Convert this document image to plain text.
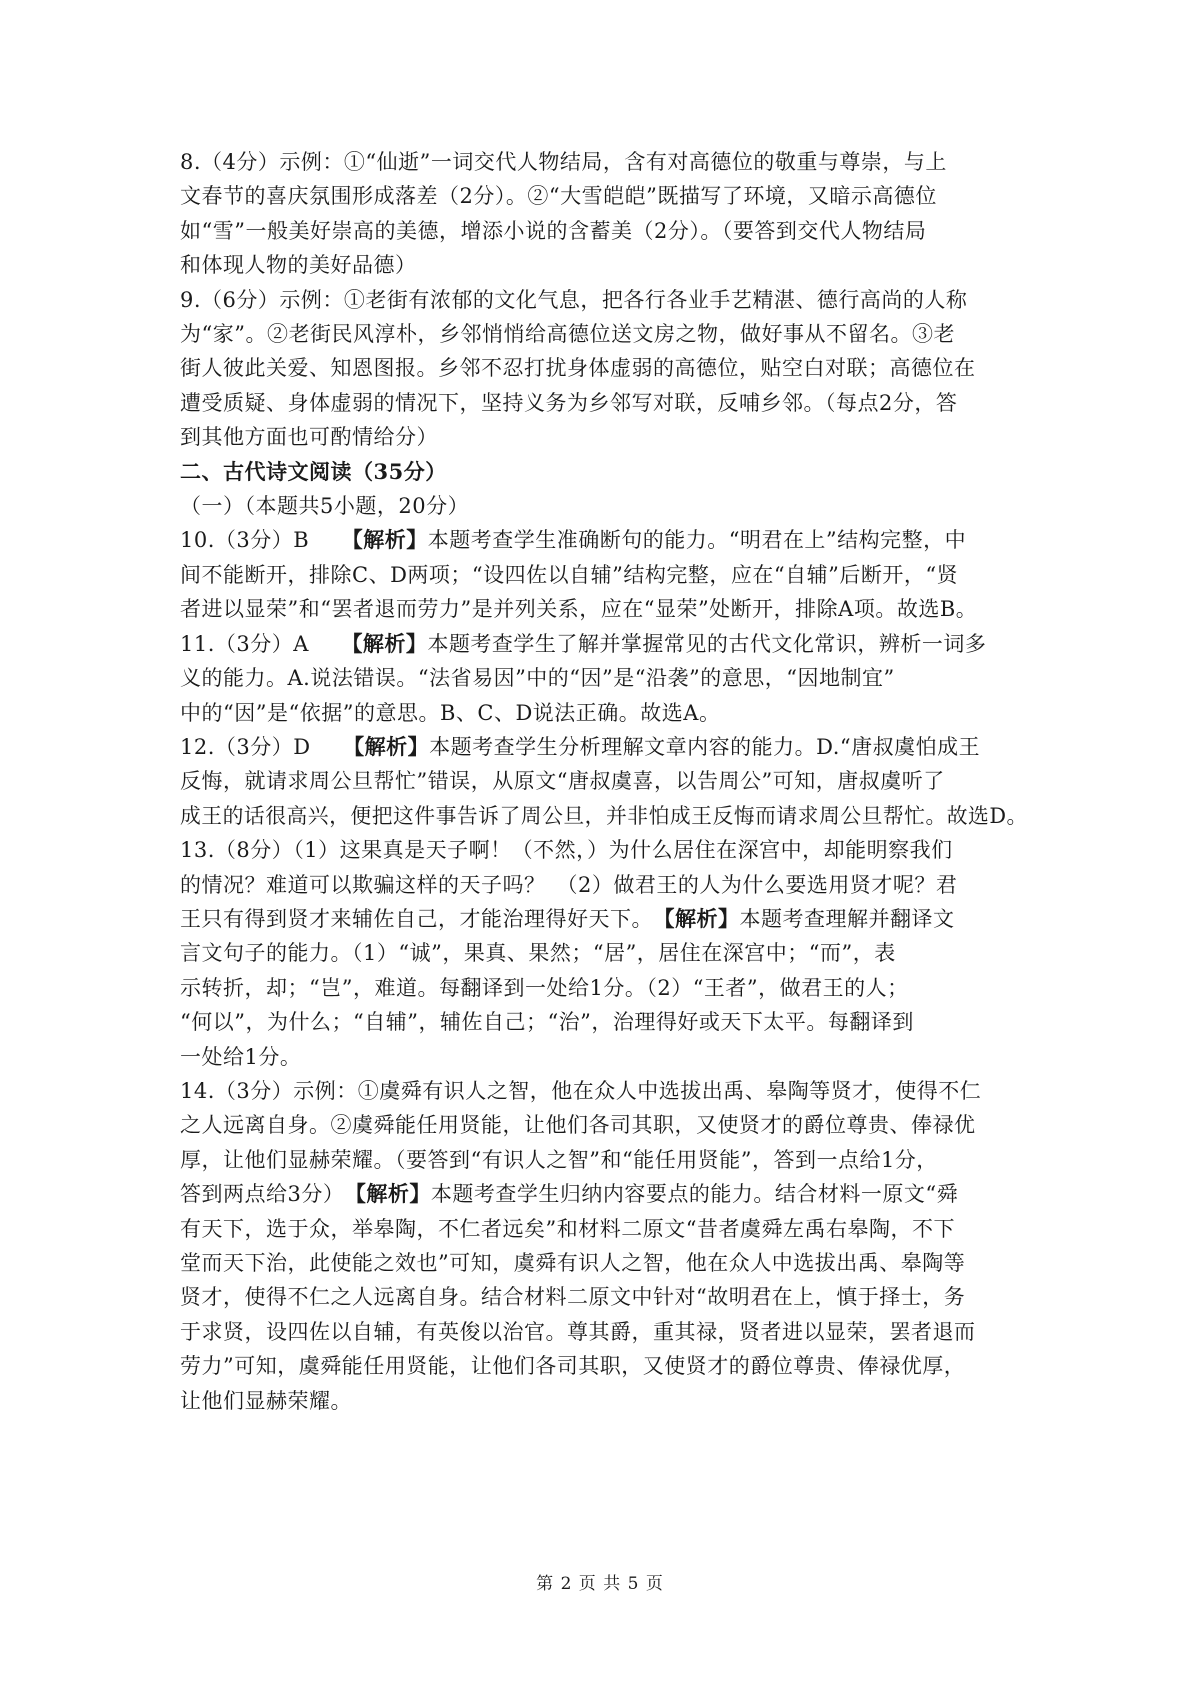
8.（4分）示例：①“仙逝”一词交代人物结局，含有对高德位的敬重与尊崇，与上

文春节的喜庆氛围形成落差（2分）。②“大雪皑皑”既描写了环境，又暗示高德位

如“雪”一般美好崇高的美德，增添小说的含蓄美（2分）。（要答到交代人物结局

和体现人物的美好品德）

9.（6分）示例：①老街有浓郁的文化气息，把各行各业手艺精湛、德行高尚的人称

为“家”。②老街民风淳朴，乡邻悄悄给高德位送文房之物，做好事从不留名。③老

街人彼此关爱、知恩图报。乡邻不忍打扰身体虚弱的高德位，贴空白对联；高德位在

遭受质疑、身体虚弱的情况下，坚持义务为乡邻写对联，反哺乡邻。（每点2分，答

到其他方面也可酌情给分）

二、古代诗文阅读（35分）

（一）（本题共5小题，20分）

10.（3分）B　　【解析】本题考查学生准确断句的能力。“明君在上”结构完整，中

间不能断开，排除C、D两项；“设四佐以自辅”结构完整，应在“自辅”后断开，“贤

者进以显荣”和“罢者退而劳力”是并列关系，应在“显荣”处断开，排除A项。故选B。

11.（3分）A　　【解析】本题考查学生了解并掌握常见的古代文化常识，辨析一词多

义的能力。A.说法错误。“法省易因”中的“因”是“沿袭”的意思，“因地制宜”

中的“因”是“依据”的意思。B、C、D说法正确。故选A。

12.（3分）D　　【解析】本题考查学生分析理解文章内容的能力。D.“唐叔虞怕成王

反悔，就请求周公旦帮忙”错误，从原文“唐叔虞喜，以告周公”可知，唐叔虞听了

成王的话很高兴，便把这件事告诉了周公旦，并非怕成王反悔而请求周公旦帮忙。故选D。

13.（8分）（1）这果真是天子啊！（不然，）为什么居住在深宫中，却能明察我们

的情况？难道可以欺骗这样的天子吗？　（2）做君王的人为什么要选用贤才呢？君

王只有得到贤才来辅佐自己，才能治理得好天下。　【解析】本题考查理解并翻译文

言文句子的能力。（1）“诚”，果真、果然；“居”，居住在深宫中；“而”，表

示转折，却；“岂”，难道。每翻译到一处给1分。（2）“王者”，做君王的人；

“何以”，为什么；“自辅”，辅佐自己；“治”，治理得好或天下太平。每翻译到

一处给1分。

14.（3分）示例：①虞舜有识人之智，他在众人中选拔出禹、皋陶等贤才，使得不仁

之人远离自身。②虞舜能任用贤能，让他们各司其职，又使贤才的爵位尊贵、俸禄优

厚，让他们显赫荣耀。（要答到“有识人之智”和“能任用贤能”，答到一点给1分，

答到两点给3分）　【解析】本题考查学生归纳内容要点的能力。结合材料一原文“舜

有天下，选于众，举皋陶，不仁者远矣”和材料二原文“昔者虞舜左禹右皋陶，不下

堂而天下治，此使能之效也”可知，虞舜有识人之智，他在众人中选拔出禹、皋陶等

贤才，使得不仁之人远离自身。结合材料二原文中针对“故明君在上，慎于择士，务

于求贤，设四佐以自辅，有英俊以治官。尊其爵，重其禄，贤者进以显荣，罢者退而

劳力”可知，虞舜能任用贤能，让他们各司其职，又使贤才的爵位尊贵、俸禄优厚，

让他们显赫荣耀。

第 2 页 共 5 页
